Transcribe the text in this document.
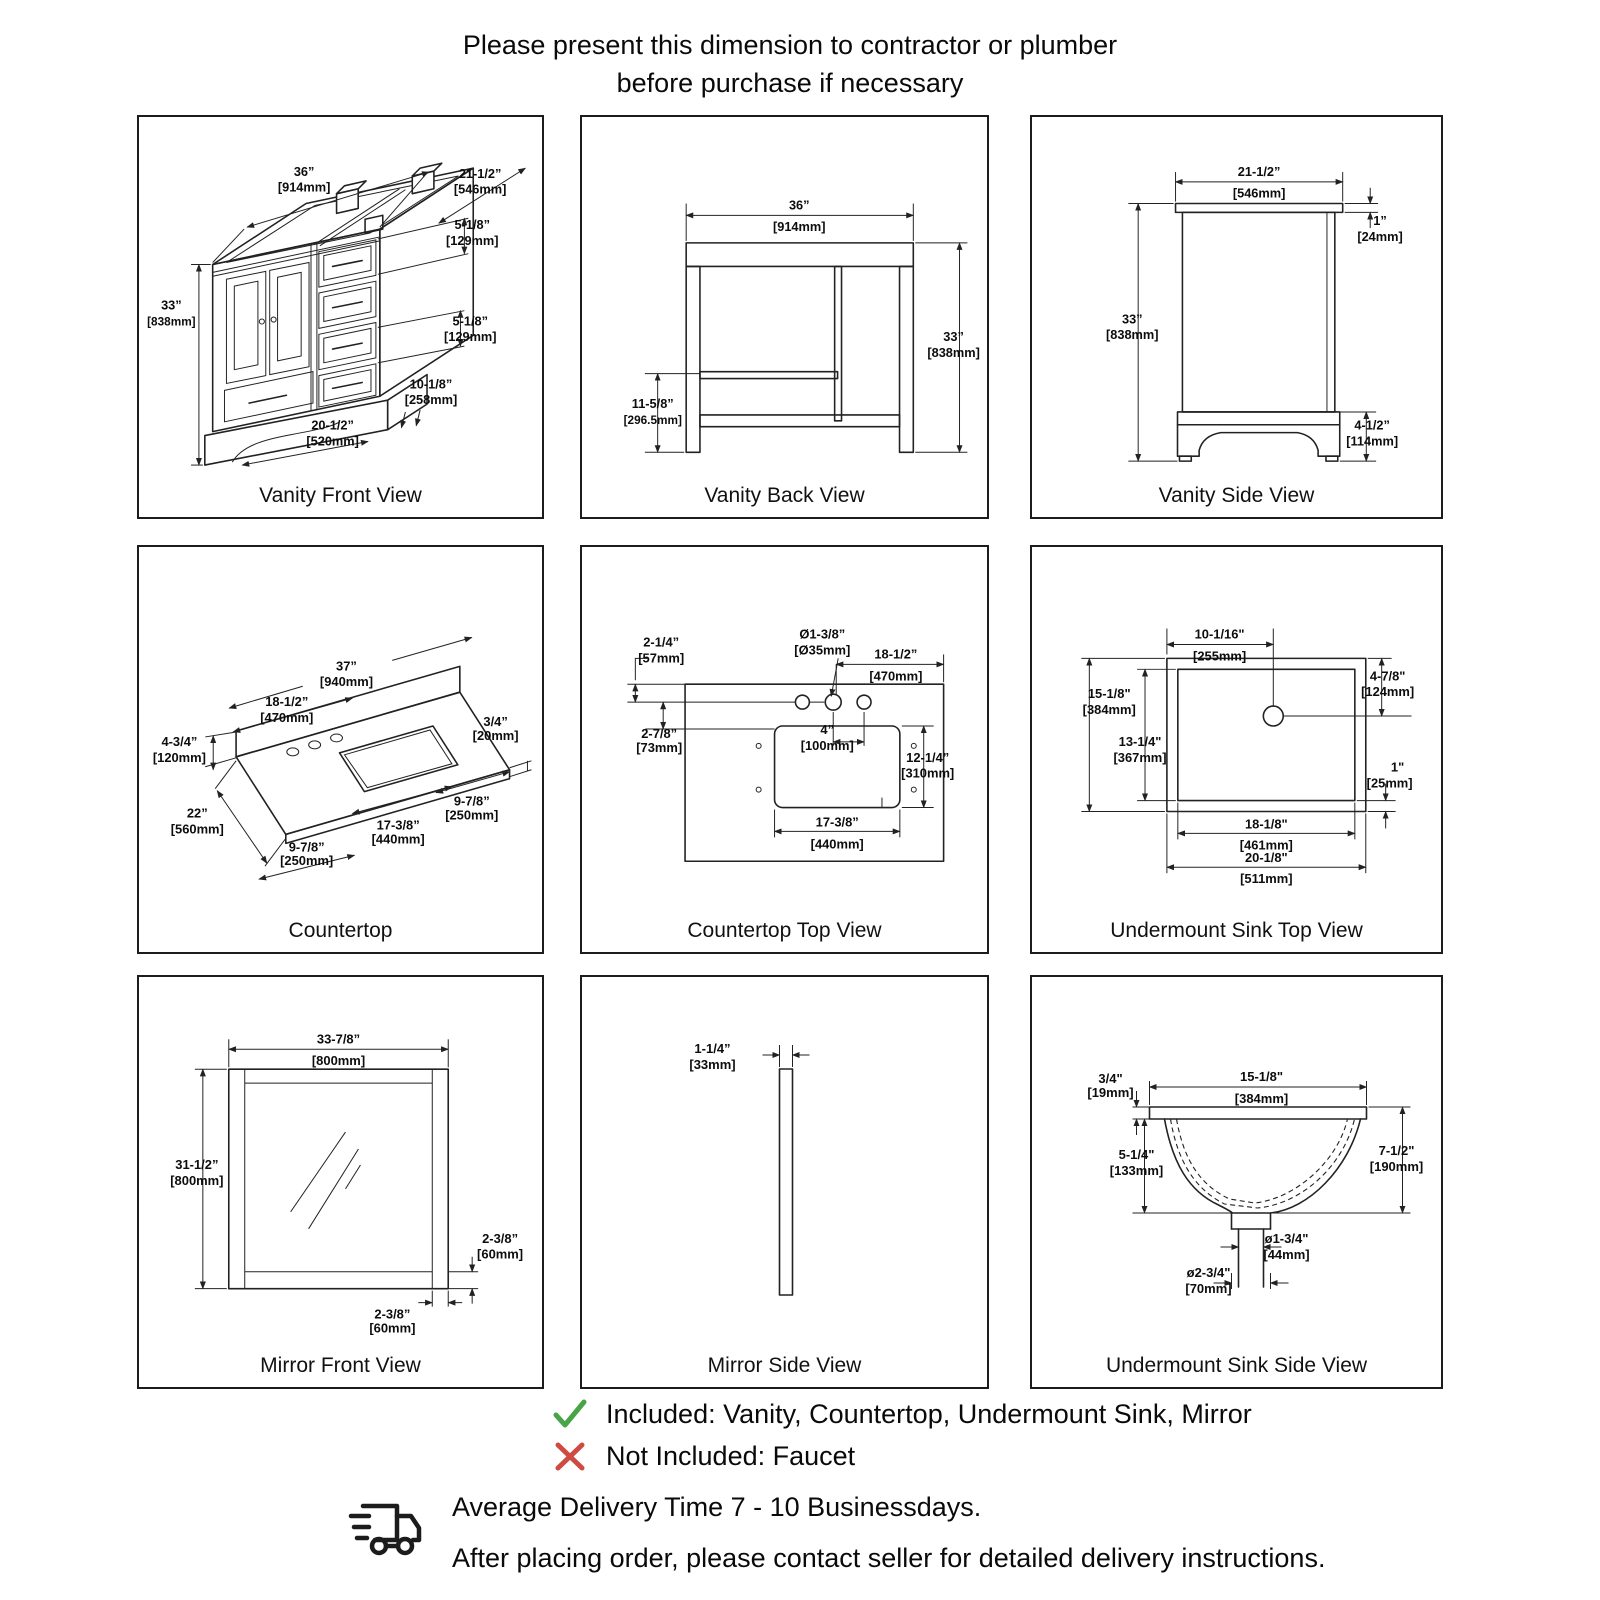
Please present this dimension to contractor or plumber
before purchase if necessary
36”
[914mm]
21-1/2”
[546mm]
5-1/8”
[129mm]
33”
[838mm]	5-1/8”
[129mm]
10-1/8”
[258mm]
20-1/2”
[520mm]
Vanity Front View
36”
[914mm]
33”
[838mm]
11-5/8”
[296.5mm]
Vanity Back View
21-1/2”
[546mm]
1”
[24mm]
33”
[838mm]
4-1/2”
[114mm]
Vanity Side View
37”
[940mm]
18-1/2”
[470mm]
4-3/4”
[120mm]
22”
[560mm]
3/4”
[20mm]
9-7/8”
[250mm]
17-3/8”
[440mm]
9-7/8”
[250mm]
Countertop
2-1/4”
[57mm]
Ø1-3/8”
[Ø35mm] 18-1/2”
[470mm]
2-7/8”
[73mm]
4”
[100mm]
12-1/4”
[310mm]
17-3/8”
[440mm]
Countertop Top View
10-1/16"
[255mm]
15-1/8"
[384mm]
13-1/4"
[367mm]
4-7/8"
[124mm]
1"
[25mm]
18-1/8"
[461mm]
20-1/8"
[511mm]
Undermount Sink Top View
33-7/8”
[800mm]
31-1/2”
[800mm]
2-3/8”
[60mm]
2-3/8”
[60mm]
Mirror Front View
1-1/4”
[33mm]
Mirror Side View
3/4"
[19mm]
15-1/8"
[384mm]
5-1/4"
[133mm]
7-1/2"
[190mm]
ø1-3/4"
[44mm]
ø2-3/4"
[70mm]
Undermount Sink Side View
Included: Vanity, Countertop, Undermount Sink, Mirror
Not Included: Faucet
Average Delivery Time 7 - 10 Businessdays.
After placing order, please contact seller for detailed delivery instructions.
